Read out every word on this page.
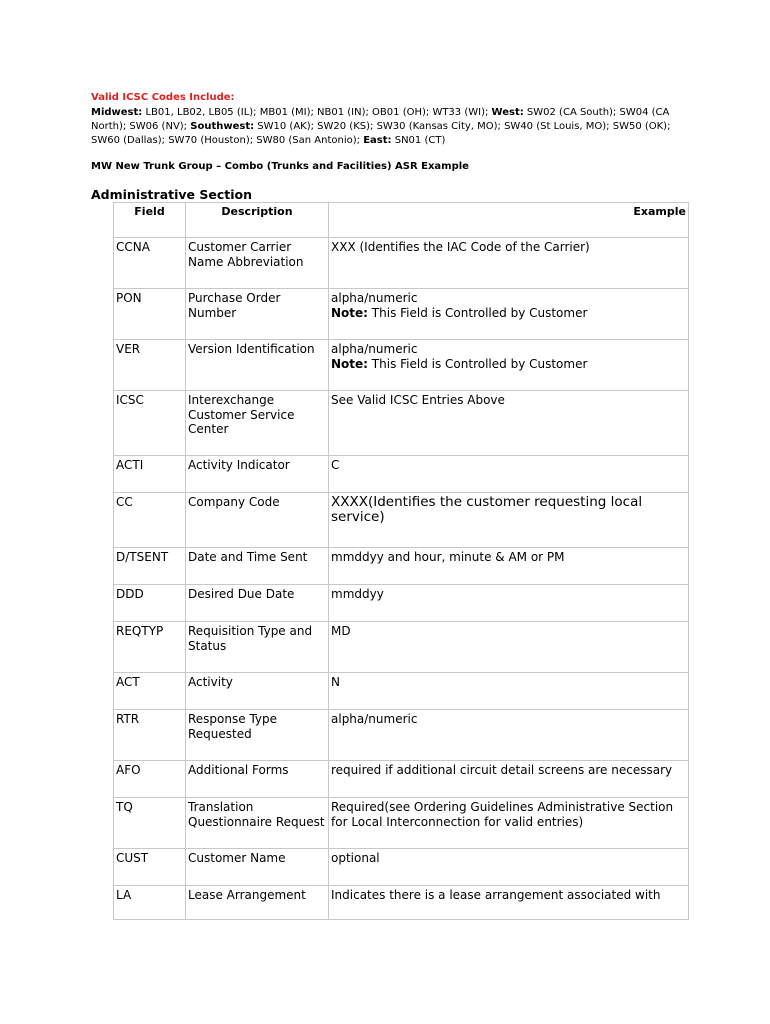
Valid ICSC Codes Include:
Midwest: LB01, LB02, LB05 (IL); MB01 (MI); NB01 (IN); OB01 (OH); WT33 (WI); West: SW02 (CA South); SW04 (CA North); SW06 (NV); Southwest: SW10 (AK); SW20 (KS); SW30 (Kansas City, MO); SW40 (St Louis, MO); SW50 (OK); SW60 (Dallas); SW70 (Houston); SW80 (San Antonio); East: SN01 (CT)
MW New Trunk Group – Combo (Trunks and Facilities) ASR Example
Administrative Section
Field	Description	Example
CCNA	Customer Carrier Name Abbreviation	XXX (Identifies the IAC Code of the Carrier)
PON	Purchase Order Number	alpha/numeric
Note: This Field is Controlled by Customer
VER	Version Identification	alpha/numeric
Note: This Field is Controlled by Customer
ICSC	Interexchange Customer Service Center	See Valid ICSC Entries Above
ACTI	Activity Indicator	C
CC	Company Code	XXXX(Identifies the customer requesting local service)
D/TSENT	Date and Time Sent	mmddyy and hour, minute & AM or PM
DDD	Desired Due Date	mmddyy
REQTYP	Requisition Type and Status	MD
ACT	Activity	N
RTR	Response Type Requested	alpha/numeric
AFO	Additional Forms	required if additional circuit detail screens are necessary
TQ	Translation Questionnaire Request	Required(see Ordering Guidelines Administrative Section for Local Interconnection for valid entries)
CUST	Customer Name	optional
LA	Lease Arrangement	Indicates there is a lease arrangement associated with
